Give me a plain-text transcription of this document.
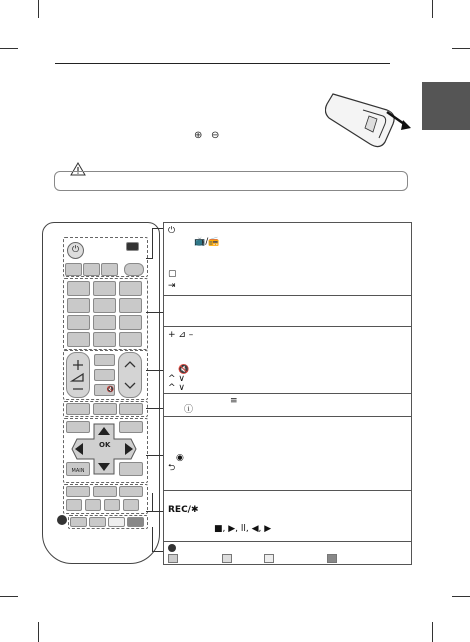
⊕ ⊖
⏻
🔇
OK
MAIN
⏻
📺/📻
▢
⇥
+ ⊿ –
🔇
^ ∨
^ ∨
≡
ⓘ
◉
⮌
REC/✱
■, ▶, ll, ◀, ▶
